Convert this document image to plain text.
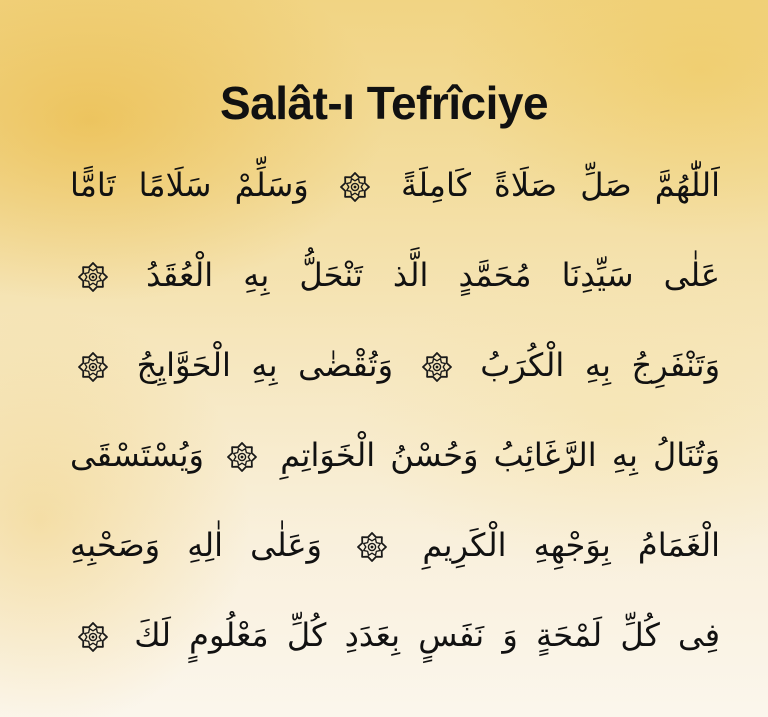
Salât-ı Tefrîciye
اَللّٰهُمَّ صَلِّ صَلَاةً كَامِلَةً
وَسَلِّمْ سَلَامًا تَامًّا
عَلٰى سَيِّدِنَا مُحَمَّدٍ الَّذ تَنْحَلُّ بِهِ الْعُقَدُ
وَتَنْفَرِجُ بِهِ الْكُرَبُ
وَتُقْضٰى بِهِ الْحَوَّايِجُ
وَتُنَالُ بِهِ الرَّغَائِبُ وَحُسْنُ الْخَوَاتِمِ
وَيُسْتَسْقَى
الْغَمَامُ بِوَجْهِهِ الْكَرِيمِ
وَعَلٰى اٰلِهِ وَصَحْبِهِ
فِى كُلِّ لَمْحَةٍ وَ نَفَسٍ بِعَدَدِ كُلِّ مَعْلُومٍ لَكَ
